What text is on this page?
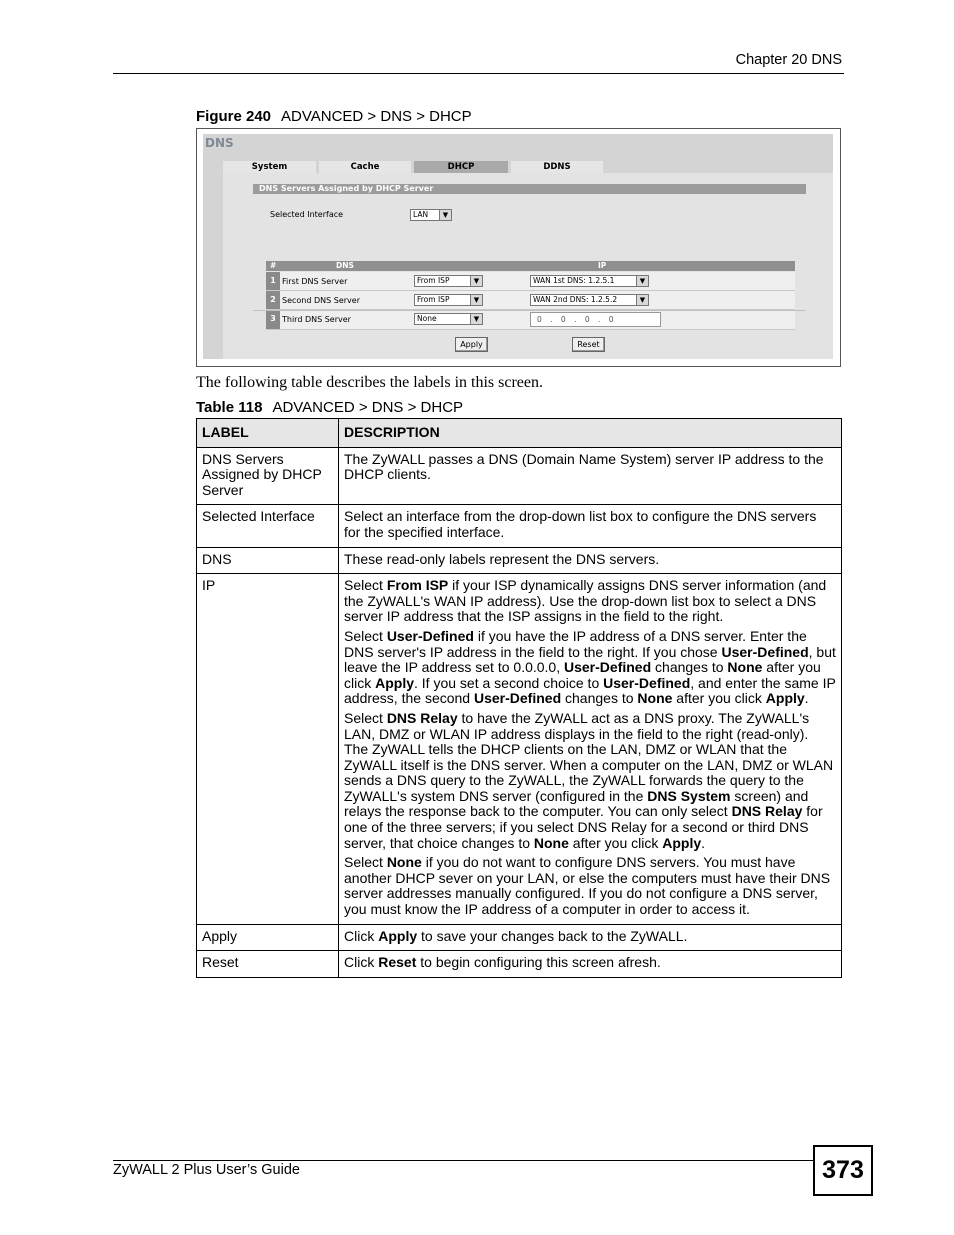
Chapter 20 DNS
Figure 240 ADVANCED > DNS > DHCP
DNS
System	Cache	DHCP	DDNS
DNS Servers Assigned by DHCP Server
Selected Interface	LAN	▼
#	DNS	IP
1 First DNS Server	From ISP	▼	WAN 1st DNS: 1.2.5.1	▼
2 Second DNS Server	From ISP	▼	WAN 2nd DNS: 1.2.5.2	▼
3 Third DNS Server	None	▼	0 . 0 . 0 . 0
Apply	Reset
The following table describes the labels in this screen.
Table 118 ADVANCED > DNS > DHCP
LABEL	DESCRIPTION
DNS Servers
Assigned by DHCP
Server	The ZyWALL passes a DNS (Domain Name System) server IP address to the DHCP clients.
Selected Interface	Select an interface from the drop-down list box to configure the DNS servers for the specified interface.
DNS	These read-only labels represent the DNS servers.
IP	Select From ISP if your ISP dynamically assigns DNS server information (and the ZyWALL's WAN IP address). Use the drop-down list box to select a DNS server IP address that the ISP assigns in the field to the right.

Select User-Defined if you have the IP address of a DNS server. Enter the DNS server's IP address in the field to the right. If you chose User-Defined, but leave the IP address set to 0.0.0.0, User-Defined changes to None after you click Apply. If you set a second choice to User-Defined, and enter the same IP address, the second User-Defined changes to None after you click Apply.

Select DNS Relay to have the ZyWALL act as a DNS proxy. The ZyWALL's LAN, DMZ or WLAN IP address displays in the field to the right (read-only). The ZyWALL tells the DHCP clients on the LAN, DMZ or WLAN that the ZyWALL itself is the DNS server. When a computer on the LAN, DMZ or WLAN sends a DNS query to the ZyWALL, the ZyWALL forwards the query to the ZyWALL's system DNS server (configured in the DNS System screen) and relays the response back to the computer. You can only select DNS Relay for one of the three servers; if you select DNS Relay for a second or third DNS server, that choice changes to None after you click Apply.

Select None if you do not want to configure DNS servers. You must have another DHCP sever on your LAN, or else the computers must have their DNS server addresses manually configured. If you do not configure a DNS server, you must know the IP address of a computer in order to access it.

Apply	Click Apply to save your changes back to the ZyWALL.
Reset	Click Reset to begin configuring this screen afresh.
ZyWALL 2 Plus User’s Guide	373
